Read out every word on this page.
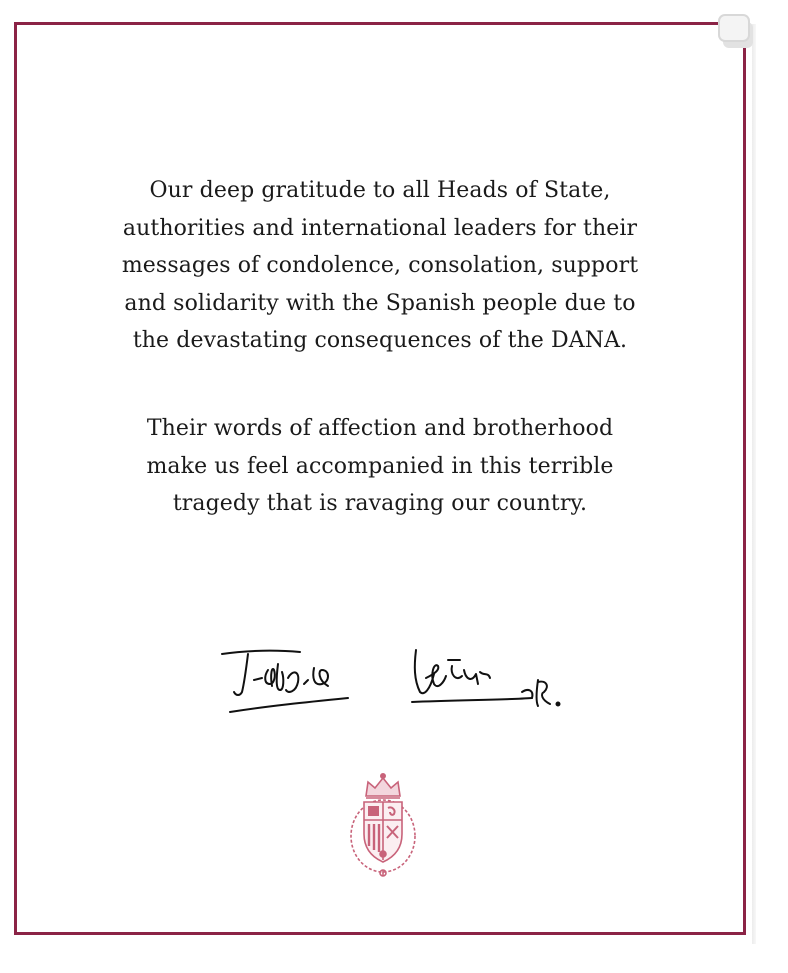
Our deep gratitude to all Heads of State,
authorities and international leaders for their
messages of condolence, consolation, support
and solidarity with the Spanish people due to
the devastating consequences of the DANA.

Their words of affection and brotherhood
make us feel accompanied in this terrible
tragedy that is ravaging our country.
